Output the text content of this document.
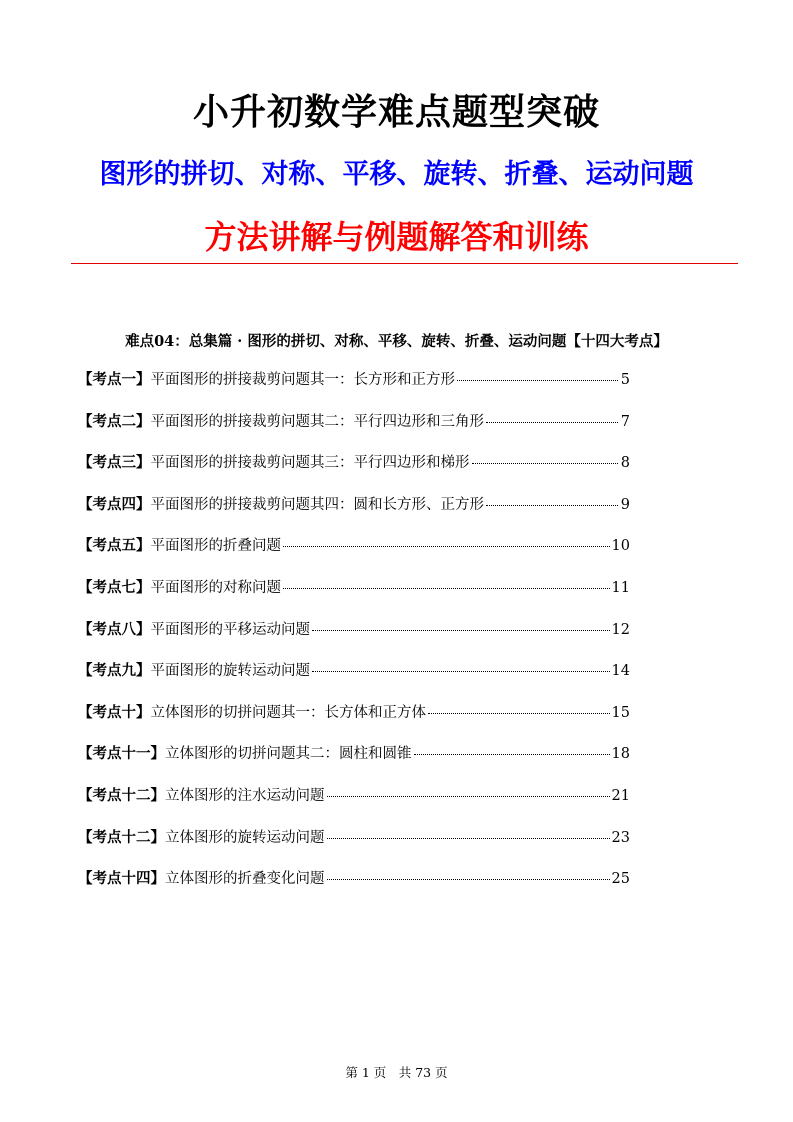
小升初数学难点题型突破
图形的拼切、对称、平移、旋转、折叠、运动问题
方法讲解与例题解答和训练
难点04：总集篇 · 图形的拼切、对称、平移、旋转、折叠、运动问题【十四大考点】
【考点一】 平面图形的拼接裁剪问题其一：长方形和正方形	5
【考点二】 平面图形的拼接裁剪问题其二：平行四边形和三角形	7
【考点三】 平面图形的拼接裁剪问题其三：平行四边形和梯形	8
【考点四】 平面图形的拼接裁剪问题其四：圆和长方形、正方形	9
【考点五】 平面图形的折叠问题	10
【考点七】 平面图形的对称问题	11
【考点八】 平面图形的平移运动问题	12
【考点九】 平面图形的旋转运动问题	14
【考点十】 立体图形的切拼问题其一：长方体和正方体	15
【考点十一】 立体图形的切拼问题其二：圆柱和圆锥	18
【考点十二】 立体图形的注水运动问题	21
【考点十二】 立体图形的旋转运动问题	23
【考点十四】 立体图形的折叠变化问题	25
第 1 页　共 73 页
